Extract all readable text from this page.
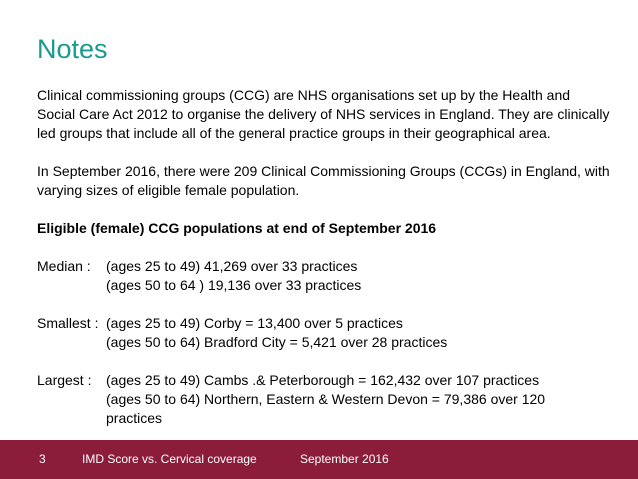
Notes

Clinical commissioning groups (CCG) are NHS organisations set up by the Health and Social Care Act 2012 to organise the delivery of NHS services in England. They are clinically led groups that include all of the general practice groups in their geographical area.

In September 2016, there were 209 Clinical Commissioning Groups (CCGs) in England, with varying sizes of eligible female population.

Eligible (female) CCG populations at end of September 2016

Median :	(ages 25 to 49) 41,269 over 33 practices
(ages 50 to 64 ) 19,136 over 33 practices
Smallest : (ages 25 to 49) Corby = 13,400 over 5 practices
(ages 50 to 64) Bradford City = 5,421 over 28 practices
Largest :	(ages 25 to 49) Cambs .& Peterborough = 162,432 over 107 practices
(ages 50 to 64) Northern, Eastern & Western Devon = 79,386 over 120 practices
3	IMD Score vs. Cervical coverage	September 2016
